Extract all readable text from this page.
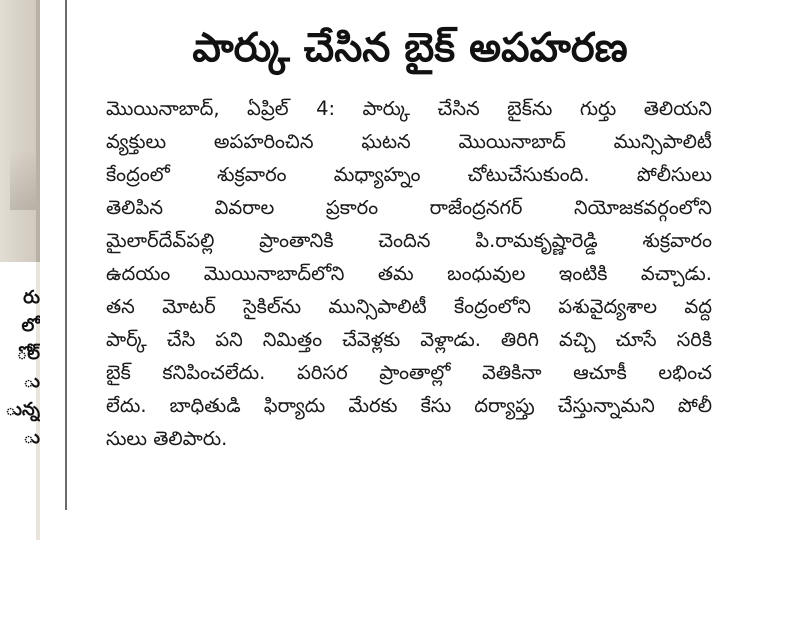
రు
లో
ోల్
ు
ున్న
ు
పార్కు చేసిన బైక్ అపహరణ
మొయినాబాద్, ఏప్రిల్ 4: పార్కు చేసిన బైక్‌ను గుర్తు తెలియని
వ్యక్తులు అపహరించిన ఘటన మొయినాబాద్ మున్సిపాలిటీ
కేంద్రంలో శుక్రవారం మధ్యాహ్నం చోటుచేసుకుంది. పోలీసులు
తెలిపిన వివరాల ప్రకారం రాజేంద్రనగర్ నియోజకవర్గంలోని
మైలార్‌దేవ్‌పల్లి ప్రాంతానికి చెందిన పి.రామకృష్ణారెడ్డి శుక్రవారం
ఉదయం మొయినాబాద్‌లోని తమ బంధువుల ఇంటికి వచ్చాడు.
తన మోటర్ సైకిల్‌ను మున్సిపాలిటీ కేంద్రంలోని పశువైద్యశాల వద్ద
పార్క్ చేసి పని నిమిత్తం చేవెళ్లకు వెళ్లాడు. తిరిగి వచ్చి చూసే సరికి
బైక్ కనిపించలేదు. పరిసర ప్రాంతాల్లో వెతికినా ఆచూకీ లభించ
లేదు. బాధితుడి ఫిర్యాదు మేరకు కేసు దర్యాప్తు చేస్తున్నామని పోలీ
సులు తెలిపారు.
